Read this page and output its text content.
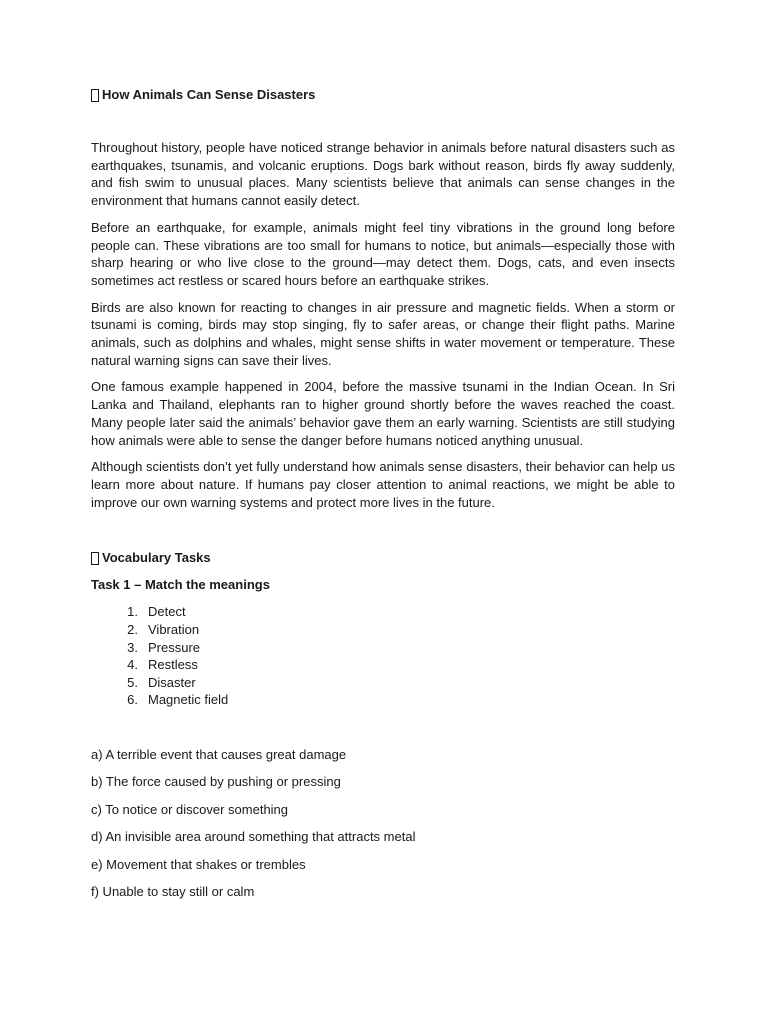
How Animals Can Sense Disasters

Throughout history, people have noticed strange behavior in animals before natural disasters such as earthquakes, tsunamis, and volcanic eruptions. Dogs bark without reason, birds fly away suddenly, and fish swim to unusual places. Many scientists believe that animals can sense changes in the environment that humans cannot easily detect.

Before an earthquake, for example, animals might feel tiny vibrations in the ground long before people can. These vibrations are too small for humans to notice, but animals—especially those with sharp hearing or who live close to the ground—may detect them. Dogs, cats, and even insects sometimes act restless or scared hours before an earthquake strikes.

Birds are also known for reacting to changes in air pressure and magnetic fields. When a storm or tsunami is coming, birds may stop singing, fly to safer areas, or change their flight paths. Marine animals, such as dolphins and whales, might sense shifts in water movement or temperature. These natural warning signs can save their lives.

One famous example happened in 2004, before the massive tsunami in the Indian Ocean. In Sri Lanka and Thailand, elephants ran to higher ground shortly before the waves reached the coast. Many people later said the animals’ behavior gave them an early warning. Scientists are still studying how animals were able to sense the danger before humans noticed anything unusual.

Although scientists don’t yet fully understand how animals sense disasters, their behavior can help us learn more about nature. If humans pay closer attention to animal reactions, we might be able to improve our own warning systems and protect more lives in the future.

Vocabulary Tasks
Task 1 – Match the meanings
1. Detect
2. Vibration
3. Pressure
4. Restless
5. Disaster
6. Magnetic field

a) A terrible event that causes great damage

b) The force caused by pushing or pressing

c) To notice or discover something

d) An invisible area around something that attracts metal

e) Movement that shakes or trembles

f) Unable to stay still or calm
